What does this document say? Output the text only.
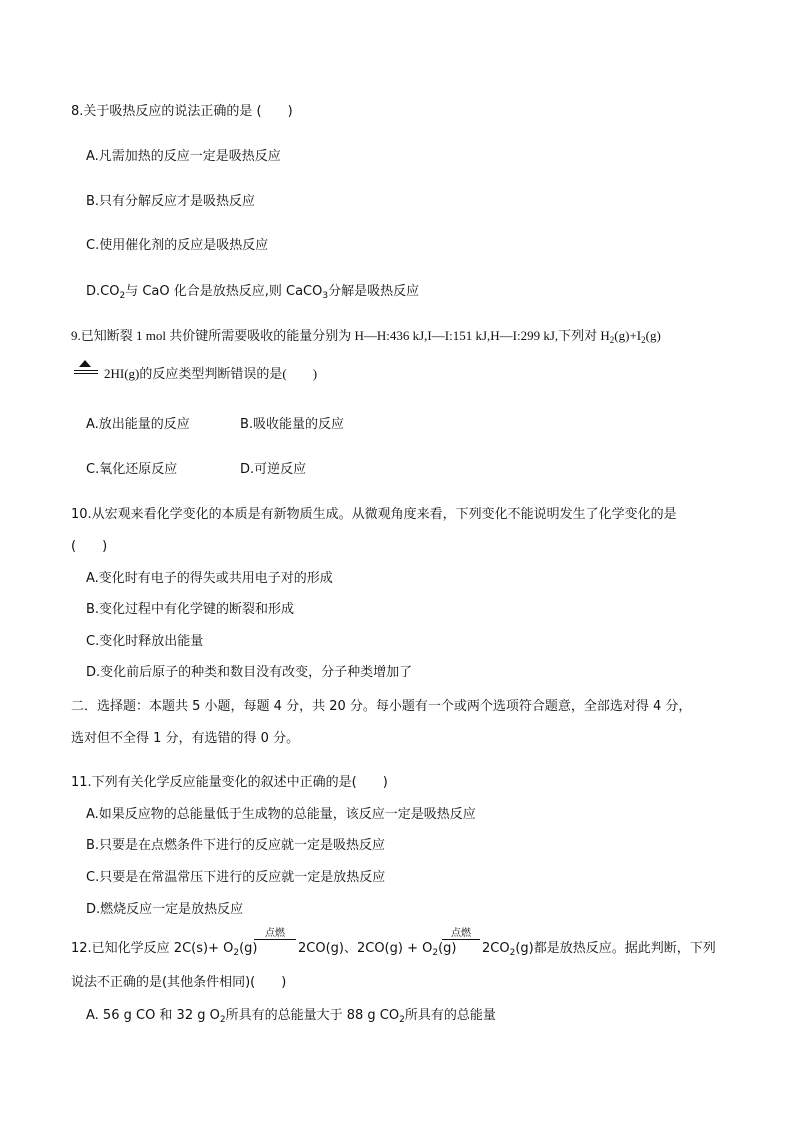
8.关于吸热反应的说法正确的是 (　　)
A.凡需加热的反应一定是吸热反应
B.只有分解反应才是吸热反应
C.使用催化剂的反应是吸热反应
$D.CO_2$与 CaO 化合是放热反应,则 CaCO$_3$分解是吸热反应
9.已知断裂 1 mol 共价键所需要吸收的能量分别为 H—H:436 kJ,I—I:151 kJ,H—I:299 kJ,下列对 $H_2(g)+I_2(g)$
2HI(g)的反应类型判断错误的是(　　)
A.放出能量的反应	B.吸收能量的反应
C.氧化还原反应	D.可逆反应
10.从宏观来看化学变化的本质是有新物质生成。从微观角度来看，下列变化不能说明发生了化学变化的是
(　　)
A.变化时有电子的得失或共用电子对的形成
B.变化过程中有化学键的断裂和形成
C.变化时释放出能量
D.变化前后原子的种类和数目没有改变，分子种类增加了
二．选择题：本题共 5 小题，每题 4 分，共 20 分。每小题有一个或两个选项符合题意，全部选对得 4 分，
选对但不全得 1 分，有选错的得 0 分。
11.下列有关化学反应能量变化的叙述中正确的是(　　)
A.如果反应物的总能量低于生成物的总能量，该反应一定是吸热反应
B.只要是在点燃条件下进行的反应就一定是吸热反应
C.只要是在常温常压下进行的反应就一定是放热反应
D.燃烧反应一定是放热反应
12.已知化学反应 $2C(s)+ O_2(g)$
点燃
2CO(g)、$2CO(g) + O_2(g)$
点燃
$2CO_2(g)$都是放热反应。据此判断，下列
说法不正确的是(其他条件相同)(　　)
A. 56 g CO 和 32 g $O_2$所具有的总能量大于 88 g $CO_2$所具有的总能量
